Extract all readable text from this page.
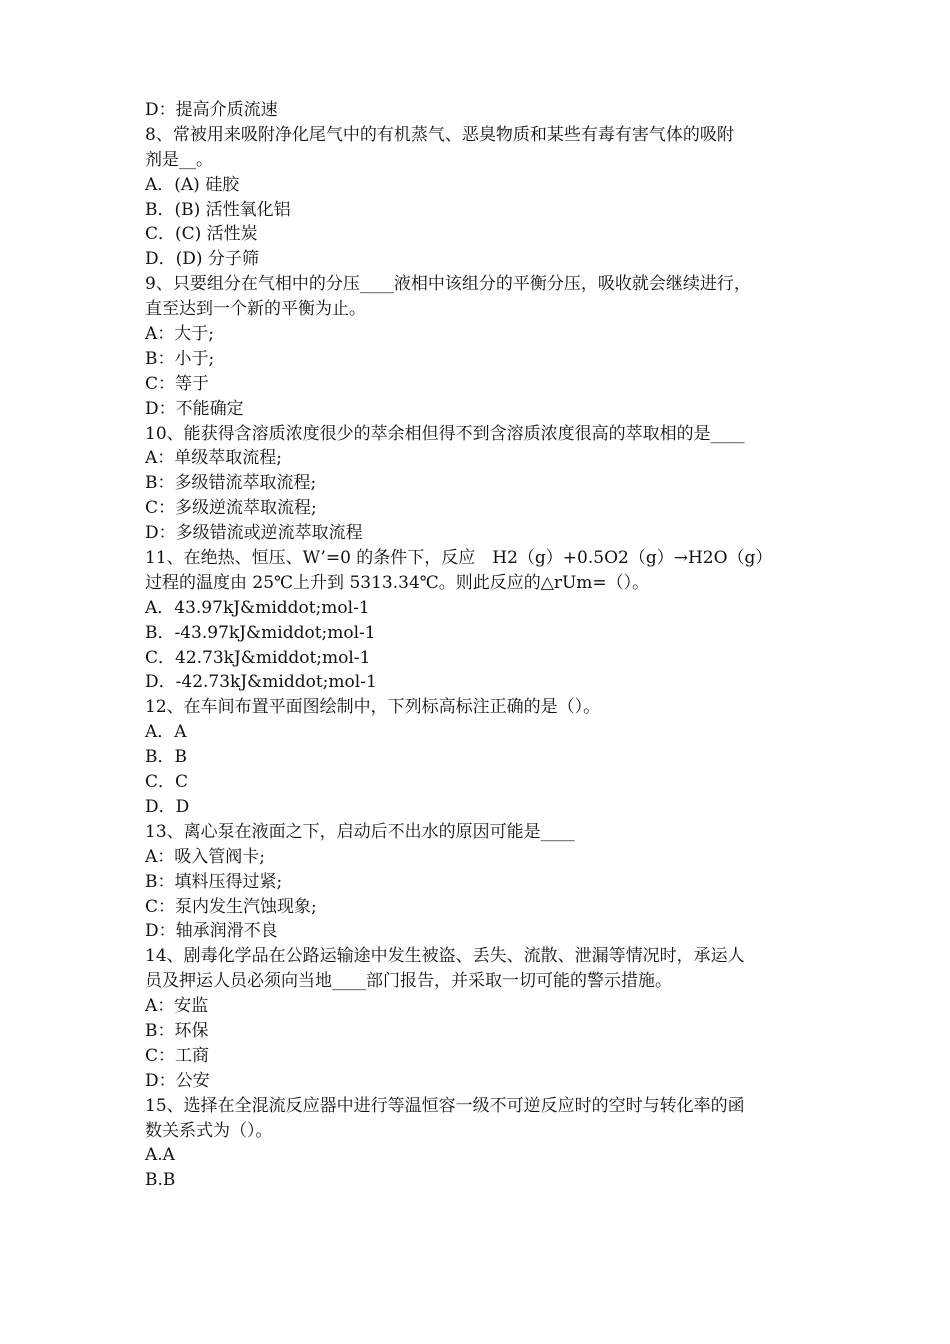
D：提高介质流速
8、常被用来吸附净化尾气中的有机蒸气、恶臭物质和某些有毒有害气体的吸附
剂是__。
A．(A) 硅胶
B．(B) 活性氧化铝
C．(C) 活性炭
D．(D) 分子筛
9、只要组分在气相中的分压____液相中该组分的平衡分压，吸收就会继续进行，
直至达到一个新的平衡为止。
A：大于;
B：小于;
C：等于
D：不能确定
10、能获得含溶质浓度很少的萃余相但得不到含溶质浓度很高的萃取相的是____
A：单级萃取流程;
B：多级错流萃取流程;
C：多级逆流萃取流程;
D：多级错流或逆流萃取流程
11、在绝热、恒压、W’=0 的条件下，反应　H2（g）+0.5O2（g）→H2O（g）
过程的温度由 25℃上升到 5313.34℃。则此反应的△rUm=（）。
A．43.97kJ&middot;mol-1
B．-43.97kJ&middot;mol-1
C．42.73kJ&middot;mol-1
D．-42.73kJ&middot;mol-1
12、在车间布置平面图绘制中，下列标高标注正确的是（）。
A．A
B．B
C．C
D．D
13、离心泵在液面之下，启动后不出水的原因可能是____
A：吸入管阀卡;
B：填料压得过紧;
C：泵内发生汽蚀现象;
D：轴承润滑不良
14、剧毒化学品在公路运输途中发生被盗、丢失、流散、泄漏等情况时，承运人
员及押运人员必须向当地____部门报告，并采取一切可能的警示措施。
A：安监
B：环保
C：工商
D：公安
15、选择在全混流反应器中进行等温恒容一级不可逆反应时的空时与转化率的函
数关系式为（）。
A.A
B.B
